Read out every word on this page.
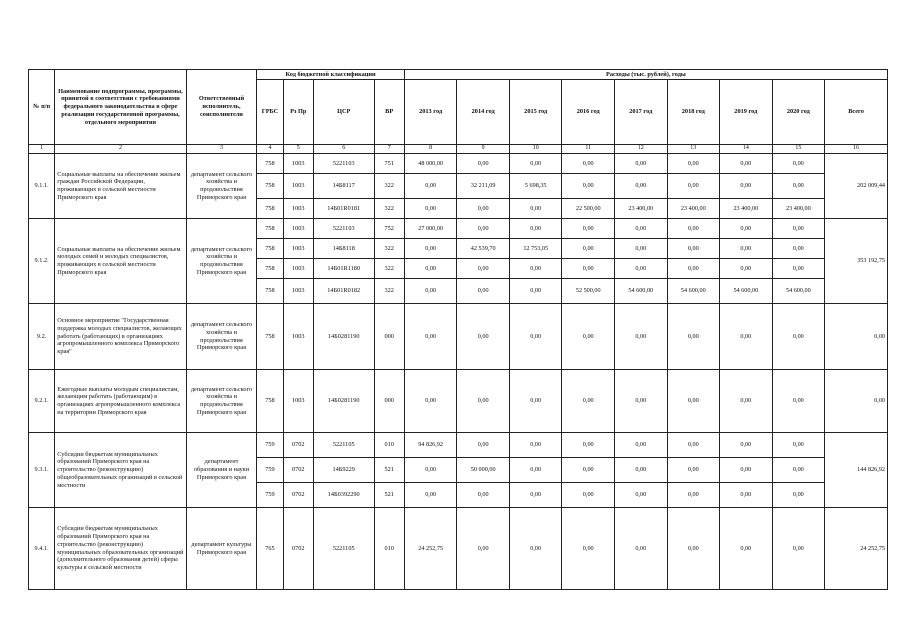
№ п/п	Наименование подпрограммы, программы, принятой в соответствии с требованиями федерального законодательства в сфере реализации государственной программы, отдельного мероприятия	Ответственный исполнитель, соисполнители	Код бюджетной классификации				Расходы (тыс. рублей), годы								
			ГРБС	Рз Пр	ЦСР	ВР	2013 год	2014 год	2015 год	2016 год	2017 год	2018 год	2019 год	2020 год	Всего
1	2	3	4	5	6	7	8	9	10	11	12	13	14	15	16
9.1.1.	Социальные выплаты на обеспечение жильем граждан Российской Федерации, проживающих в сельской местности Приморского края	департамент сельского хозяйства и продовольствия Приморского края	758	1003	5221103	751	48 000,00	0,00	0,00	0,00	0,00	0,00	0,00	0,00	202 009,44
			758	1003	14Б8117	322	0,00	32 211,09	5 698,35	0,00	0,00	0,00	0,00	0,00	
			758	1003	14Б01R0181	322	0,00	0,00	0,00	22 500,00	23 400,00	23 400,00	23 400,00	23 400,00	
9.1.2.	Социальные выплаты на обеспечение жильем молодых семей и молодых специалистов, проживающих в сельской местности Приморского края	департамент сельского хозяйства и продовольствия Приморского края	758	1003	5221103	752	27 000,00	0,00	0,00	0,00	0,00	0,00	0,00	0,00	353 192,75
			758	1003	14Б8118	322	0,00	42 539,70	12 753,05	0,00	0,00	0,00	0,00	0,00	
			758	1003	14Б01R1180	322	0,00	0,00	0,00	0,00	0,00	0,00	0,00	0,00	
			758	1003	14Б01R0182	322	0,00	0,00	0,00	52 500,00	54 600,00	54 600,00	54 600,00	54 600,00	
9.2.	Основное мероприятие "Государственная поддержка молодых специалистов, желающих работать (работающих) в организациях агропромышленного комплекса Приморского края"	департамент сельского хозяйства и продовольствия Приморского края	758	1003	14Б0281190	000	0,00	0,00	0,00	0,00	0,00	0,00	0,00	0,00	0,00
9.2.1.	Ежегодные выплаты молодым специалистам, желающим работать (работающим) в организациях агропромышленного комплекса на территории Приморского края	департамент сельского хозяйства и продовольствия Приморского края	758	1003	14Б0281190	000	0,00	0,00	0,00	0,00	0,00	0,00	0,00	0,00	0,00
9.3.1.	Субсидии бюджетам муниципальных образований Приморского края на строительство (реконструкцию) общеобразовательных организаций в сельской местности	департамент образования и науки Приморского края	759	0702	5221105	010	94 826,92	0,00	0,00	0,00	0,00	0,00	0,00	0,00	144 826,92
			759	0702	14Б9229	521	0,00	50 000,00	0,00	0,00	0,00	0,00	0,00	0,00	
			759	0702	14Б0392290	521	0,00	0,00	0,00	0,00	0,00	0,00	0,00	0,00	
9.4.1.	Субсидии бюджетам муниципальных образований Приморского края на строительство (реконструкцию) муниципальных образовательных организаций (дополнительного образования детей) сферы культуры в сельской местности	департамент культуры Приморского края	765	0702	5221105	010	24 252,75	0,00	0,00	0,00	0,00	0,00	0,00	0,00	24 252,75
